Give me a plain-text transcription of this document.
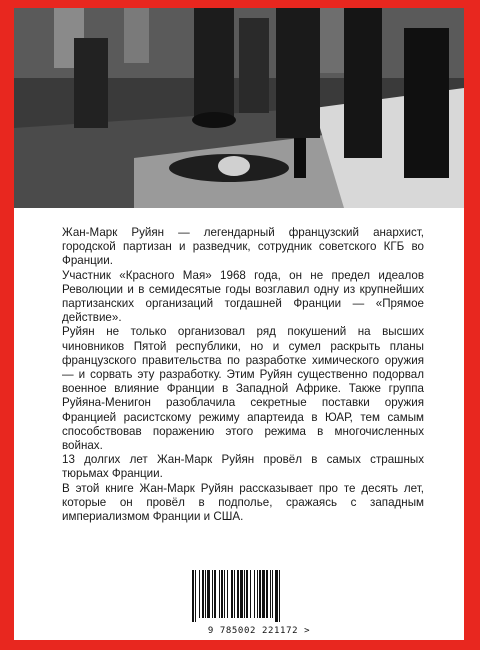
Жан-Марк Руйян — легендарный французский анархист, городской партизан и разведчик, сотрудник советского КГБ во Франции.

Участник «Красного Мая» 1968 года, он не предел идеалов Революции и в семидесятые годы возглавил одну из крупнейших партизанских организаций тогдашней Франции — «Прямое действие».

Руйян не только организовал ряд покушений на высших чиновников Пятой республики, но и сумел раскрыть планы французского правительства по разработке химического оружия — и сорвать эту разработку. Этим Руйян существенно подорвал военное влияние Франции в Западной Африке. Также группа Руйяна-Менигон разоблачила секретные поставки оружия Францией расистскому режиму апартеида в ЮАР, тем самым способствовав поражению этого режима в многочисленных войнах.

13 долгих лет Жан-Марк Руйян провёл в самых страшных тюрьмах Франции.

В этой книге Жан-Марк Руйян рассказывает про те десять лет, которые он провёл в подполье, сражаясь с западным империализмом Франции и США.

9 785002 221172 >
